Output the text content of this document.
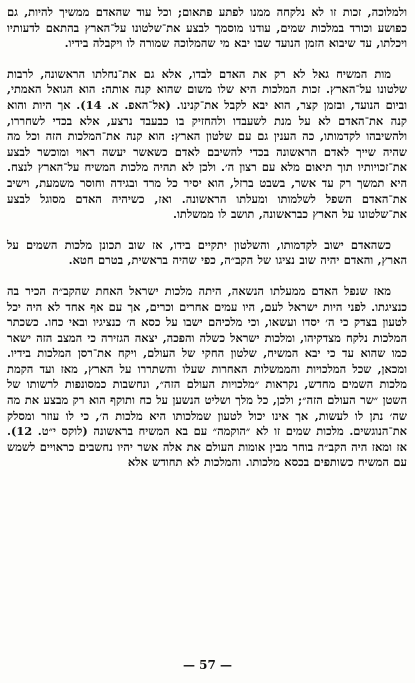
ולמלוכה, זכות זו לא נלקחה ממנו לפתע פתאום; וכל עוד שהאדם ממשיך להיות, גם כפושע וכורד במלכות שמים, עודנו מוסמך לבצע את־שלטונו על־הארץ בהתאם לדעותיו ויכלתו, עד שיבוא הזמן הנועד שבו יבא מי שהמלוכה שמורה לו ויקבלה בידיו.

מות המשיח גאל לא רק את האדם לבדו, אלא גם את־נחלתו הראשונה, לרבות שלטונו על־הארץ. זכות המלכות היא שלו משום שהוא קנה אותה: הוא הגואל האמתי, וביום הנועד, ובזמן קצר, הוא יבא לקבל את־קנינו. (אל־האפ. א. 14). אך היות והוא קנה את־האדם לא על מנת לשעבדו ולהחזיק בו כבעבד נרצע, אלא בכדי לשחררו, ולהשיבהו לקדמותו, כה הענין גם עם שלטון הארץ: הוא קנה את־המלכות הזה וכל מה שהיה שייך לאדם הראשונה בכדי להשיבם לאדם כשאשר יעשה ראוי ומוכשר לבצע את־זכויותיו תוך תיאום מלא עם רצון ה׳. ולכן לא תהיה מלכות המשיח על־הארץ לנצח. היא תמשך רק עד אשר, בשבט ברזל, הוא יסיר כל מרד ובגידה וחוסר משמעת, וישיב את־האדם השפל לשלמותו ומעלתו הראשונה. ואז, כשיהיה האדם מסוגל לבצע את־שלטונו על הארץ כבראשונה, תושב לו ממשלתו.

כשהאדם ישוב לקדמותו, והשלטון יתקיים בידו, אז שוב תכונן מלכות השמים על הארץ, והאדם יהיה שוב נציגו של הקב״ה, כפי שהיה בראשית, בטרם חטא.

מאז שנפל האדם ממעלתו הנשאה, היתה מלכות ישראל האחת שהקב״ה הכיר בה כנציגתו. לפני היות ישראל לעם, היו עמים אחרים וכרים, אך עם אף אחד לא היה יכל לטעון בצדק כי ה׳ יסדו ועשאו, וכי מלכיהם ישבו על כסא ה׳ כנציגיו ובאי כחו. כשכתר המלכות נלקח מצדקיהו, ומלכות ישראל כשלה והפכה, יצאה הגזירה כי המצב הזה ישאר כמו שהוא עד כי יבא המשיח, שלטון החקי של העולם, ויקח את־רסן המלכות בידיו. ומכאן, שכל המלכויות והממשלות האחרות שעלו והשתררו על הארץ, מאז ועד הקמת מלכות השמים מחדש, נקראות ״מלכויות העולם הזה״, ונחשבות כמסונפות לרשותו של השטן ״שר העולם הזה״; ולכן, כל מלך ושליט הנשען על כח ותוקף הוא רק מבצע את מה שה׳ נתן לו לעשות, אך אינו יכול לטעון שמלכותו היא מלכות ה׳, כי לו עוזר ומסלק את־הנוגשים. מלכות שמים זו לא ״הוקמה״ עם בא המשיח בראשונה (לוקס י״ט. 12). אז ומאז היה הקב״ה בוחר מבין אומות העולם את אלה אשר יהיו נחשבים כראויים לשמש עם המשיח כשותפים בכסא מלכותו. והמלכות לא תחודש אלא

— 57 —
